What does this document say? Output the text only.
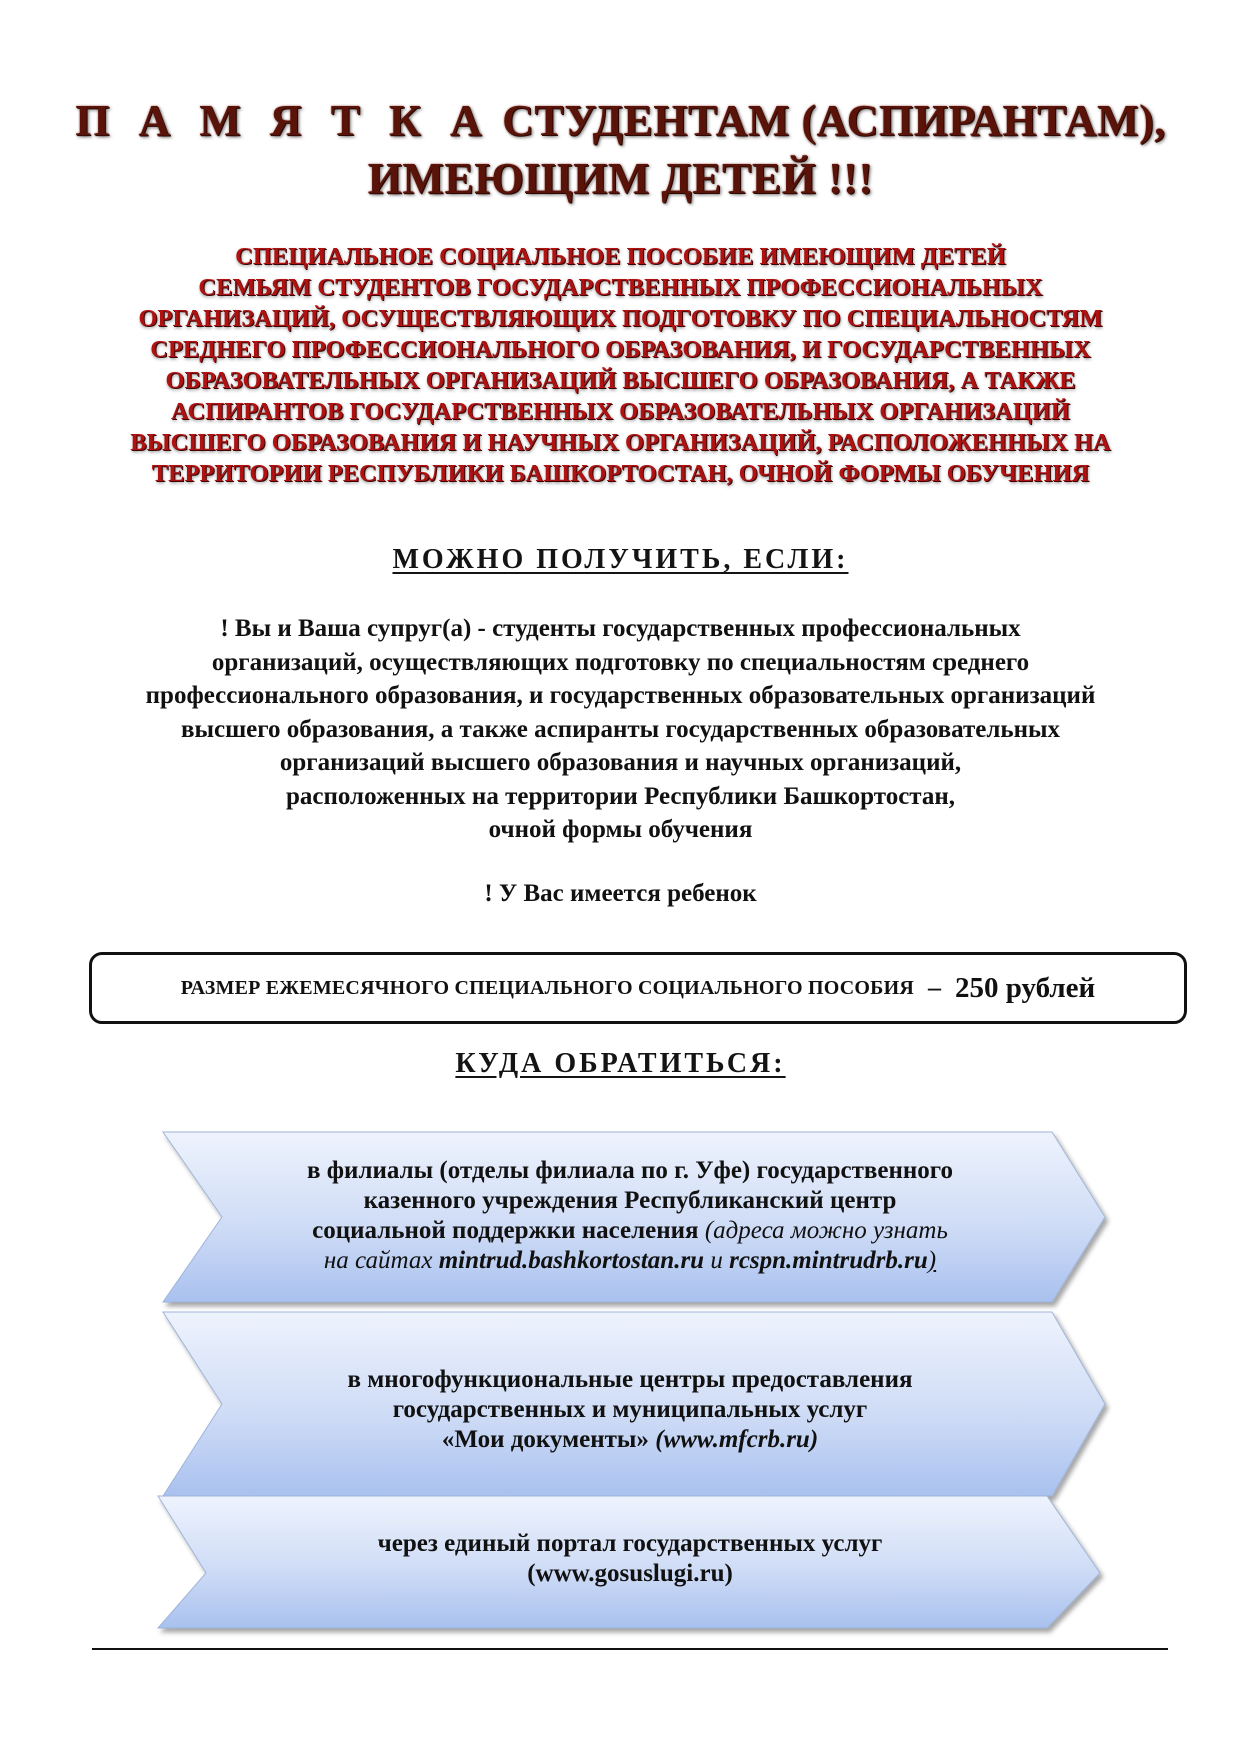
П А М Я Т К А СТУДЕНТАМ (АСПИРАНТАМ),
ИМЕЮЩИМ ДЕТЕЙ !!!
СПЕЦИАЛЬНОЕ СОЦИАЛЬНОЕ ПОСОБИЕ ИМЕЮЩИМ ДЕТЕЙ
СЕМЬЯМ СТУДЕНТОВ ГОСУДАРСТВЕННЫХ ПРОФЕССИОНАЛЬНЫХ
ОРГАНИЗАЦИЙ, ОСУЩЕСТВЛЯЮЩИХ ПОДГОТОВКУ ПО СПЕЦИАЛЬНОСТЯМ
СРЕДНЕГО ПРОФЕССИОНАЛЬНОГО ОБРАЗОВАНИЯ, И ГОСУДАРСТВЕННЫХ
ОБРАЗОВАТЕЛЬНЫХ ОРГАНИЗАЦИЙ ВЫСШЕГО ОБРАЗОВАНИЯ, А ТАКЖЕ
АСПИРАНТОВ ГОСУДАРСТВЕННЫХ ОБРАЗОВАТЕЛЬНЫХ ОРГАНИЗАЦИЙ
ВЫСШЕГО ОБРАЗОВАНИЯ И НАУЧНЫХ ОРГАНИЗАЦИЙ, РАСПОЛОЖЕННЫХ НА
ТЕРРИТОРИИ РЕСПУБЛИКИ БАШКОРТОСТАН, ОЧНОЙ ФОРМЫ ОБУЧЕНИЯ
МОЖНО ПОЛУЧИТЬ, ЕСЛИ:
! Вы и Ваша супруг(а) - студенты государственных профессиональных
организаций, осуществляющих подготовку по специальностям среднего
профессионального образования, и государственных образовательных организаций
высшего образования, а также аспиранты государственных образовательных
организаций высшего образования и научных организаций,
расположенных на территории Республики Башкортостан,
очной формы обучения
! У Вас имеется ребенок
РАЗМЕР ЕЖЕМЕСЯЧНОГО СПЕЦИАЛЬНОГО СОЦИАЛЬНОГО ПОСОБИЯ – 250 рублей
КУДА ОБРАТИТЬСЯ:
в филиалы (отделы филиала по г. Уфе) государственного
казенного учреждения Республиканский центр
социальной поддержки населения (адреса можно узнать
на сайтах mintrud.bashkortostan.ru и rcspn.mintrudrb.ru)
в многофункциональные центры предоставления
государственных и муниципальных услуг
«Мои документы» (www.mfcrb.ru)
через единый портал государственных услуг
(www.gosuslugi.ru)
